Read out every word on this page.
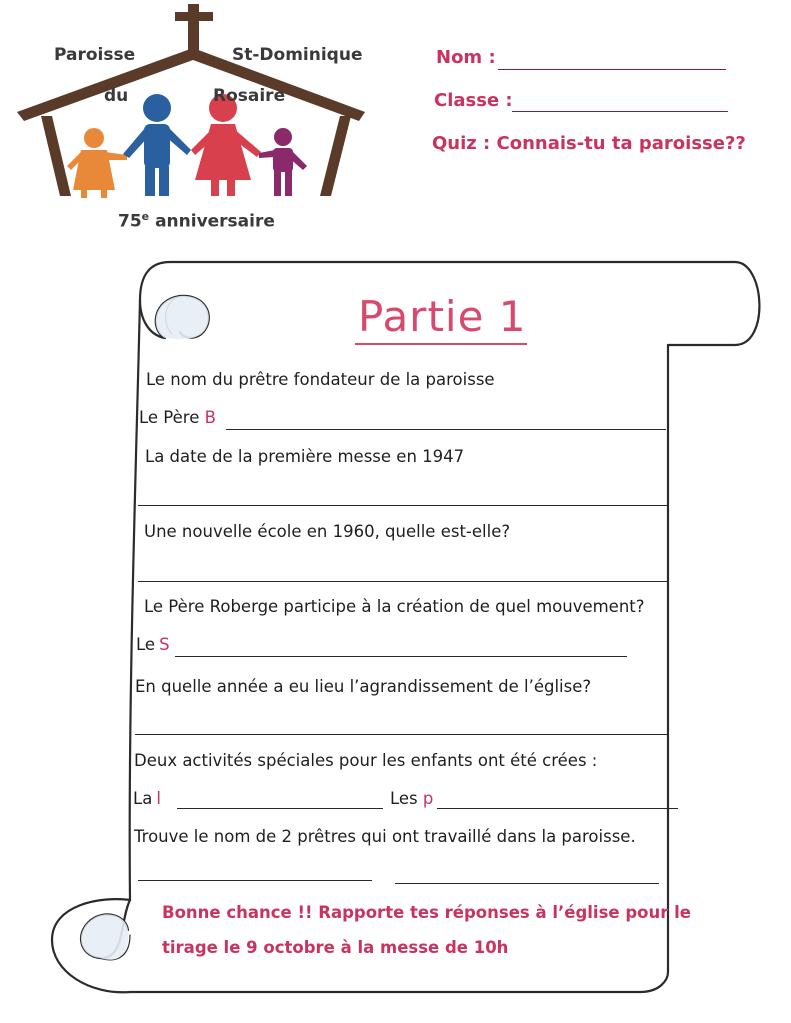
Paroisse	St-Dominique
du	Rosaire
75e anniversaire
Nom :
Classe :
Quiz : Connais-tu ta paroisse??
Partie 1
Le nom du prêtre fondateur de la paroisse
Le Père B
La date de la première messe en 1947
Une nouvelle école en 1960, quelle est-elle?
Le Père Roberge participe à la création de quel mouvement?
Le S
En quelle année a eu lieu l’agrandissement de l’église?
Deux activités spéciales pour les enfants ont été crées :
La l	Les p
Trouve le nom de 2 prêtres qui ont travaillé dans la paroisse.
Bonne chance !! Rapporte tes réponses à l’église pour le
tirage le 9 octobre à la messe de 10h
